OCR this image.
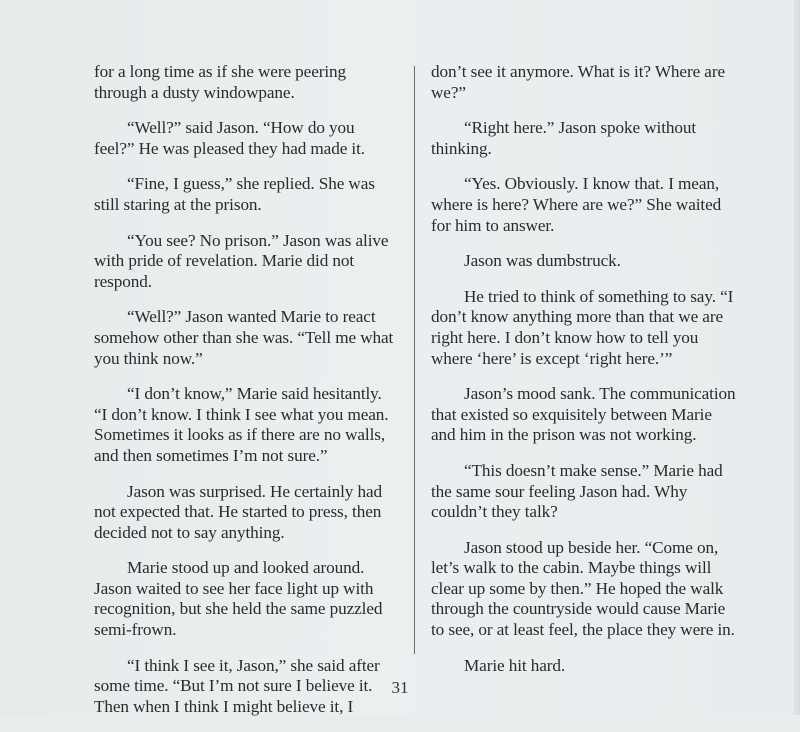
for a long time as if she were peering through a dusty windowpane.

“Well?” said Jason. “How do you feel?” He was pleased they had made it.

“Fine, I guess,” she replied. She was still staring at the prison.

“You see? No prison.” Jason was alive with pride of revelation. Marie did not respond.

“Well?” Jason wanted Marie to react somehow other than she was. “Tell me what you think now.”

“I don’t know,” Marie said hesitantly. “I don’t know. I think I see what you mean. Sometimes it looks as if there are no walls, and then sometimes I’m not sure.”

Jason was surprised. He certainly had not expected that. He started to press, then decided not to say anything.

Marie stood up and looked around. Jason waited to see her face light up with recognition, but she held the same puzzled semi-frown.

“I think I see it, Jason,” she said after some time. “But I’m not sure I believe it. Then when I think I might believe it, I

don’t see it anymore. What is it? Where are we?”

“Right here.” Jason spoke without thinking.

“Yes. Obviously. I know that. I mean, where is here? Where are we?” She waited for him to answer.

Jason was dumbstruck.

He tried to think of something to say. “I don’t know anything more than that we are right here. I don’t know how to tell you where ‘here’ is except ‘right here.’”

Jason’s mood sank. The communication that existed so exquisitely between Marie and him in the prison was not working.

“This doesn’t make sense.” Marie had the same sour feeling Jason had. Why couldn’t they talk?

Jason stood up beside her. “Come on, let’s walk to the cabin. Maybe things will clear up some by then.” He hoped the walk through the countryside would cause Marie to see, or at least feel, the place they were in.

Marie hit hard.

31
